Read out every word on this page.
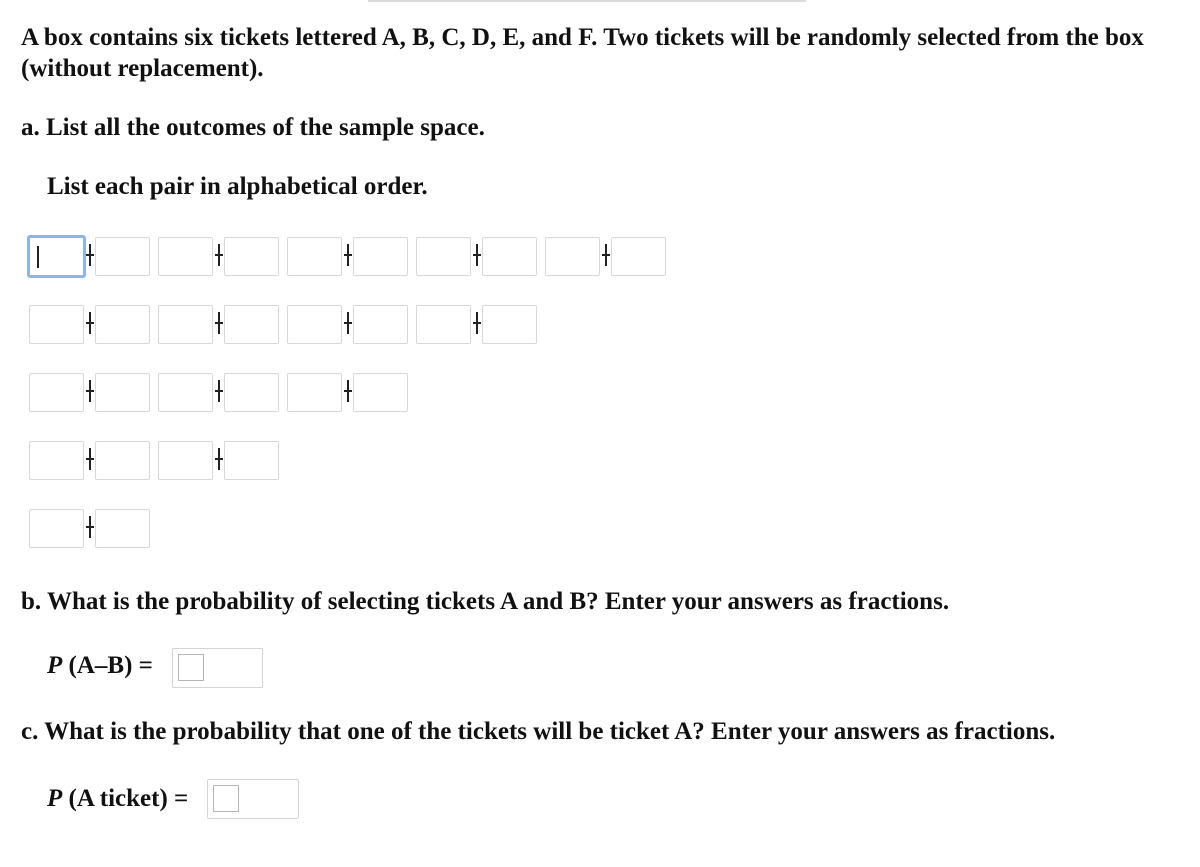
A box contains six tickets lettered A, B, C, D, E, and F. Two tickets will be randomly selected from the box (without replacement).
a. List all the outcomes of the sample space.
List each pair in alphabetical order.
b. What is the probability of selecting tickets A and B? Enter your answers as fractions.
P (A–B) =
c. What is the probability that one of the tickets will be ticket A? Enter your answers as fractions.
P (A ticket) =
